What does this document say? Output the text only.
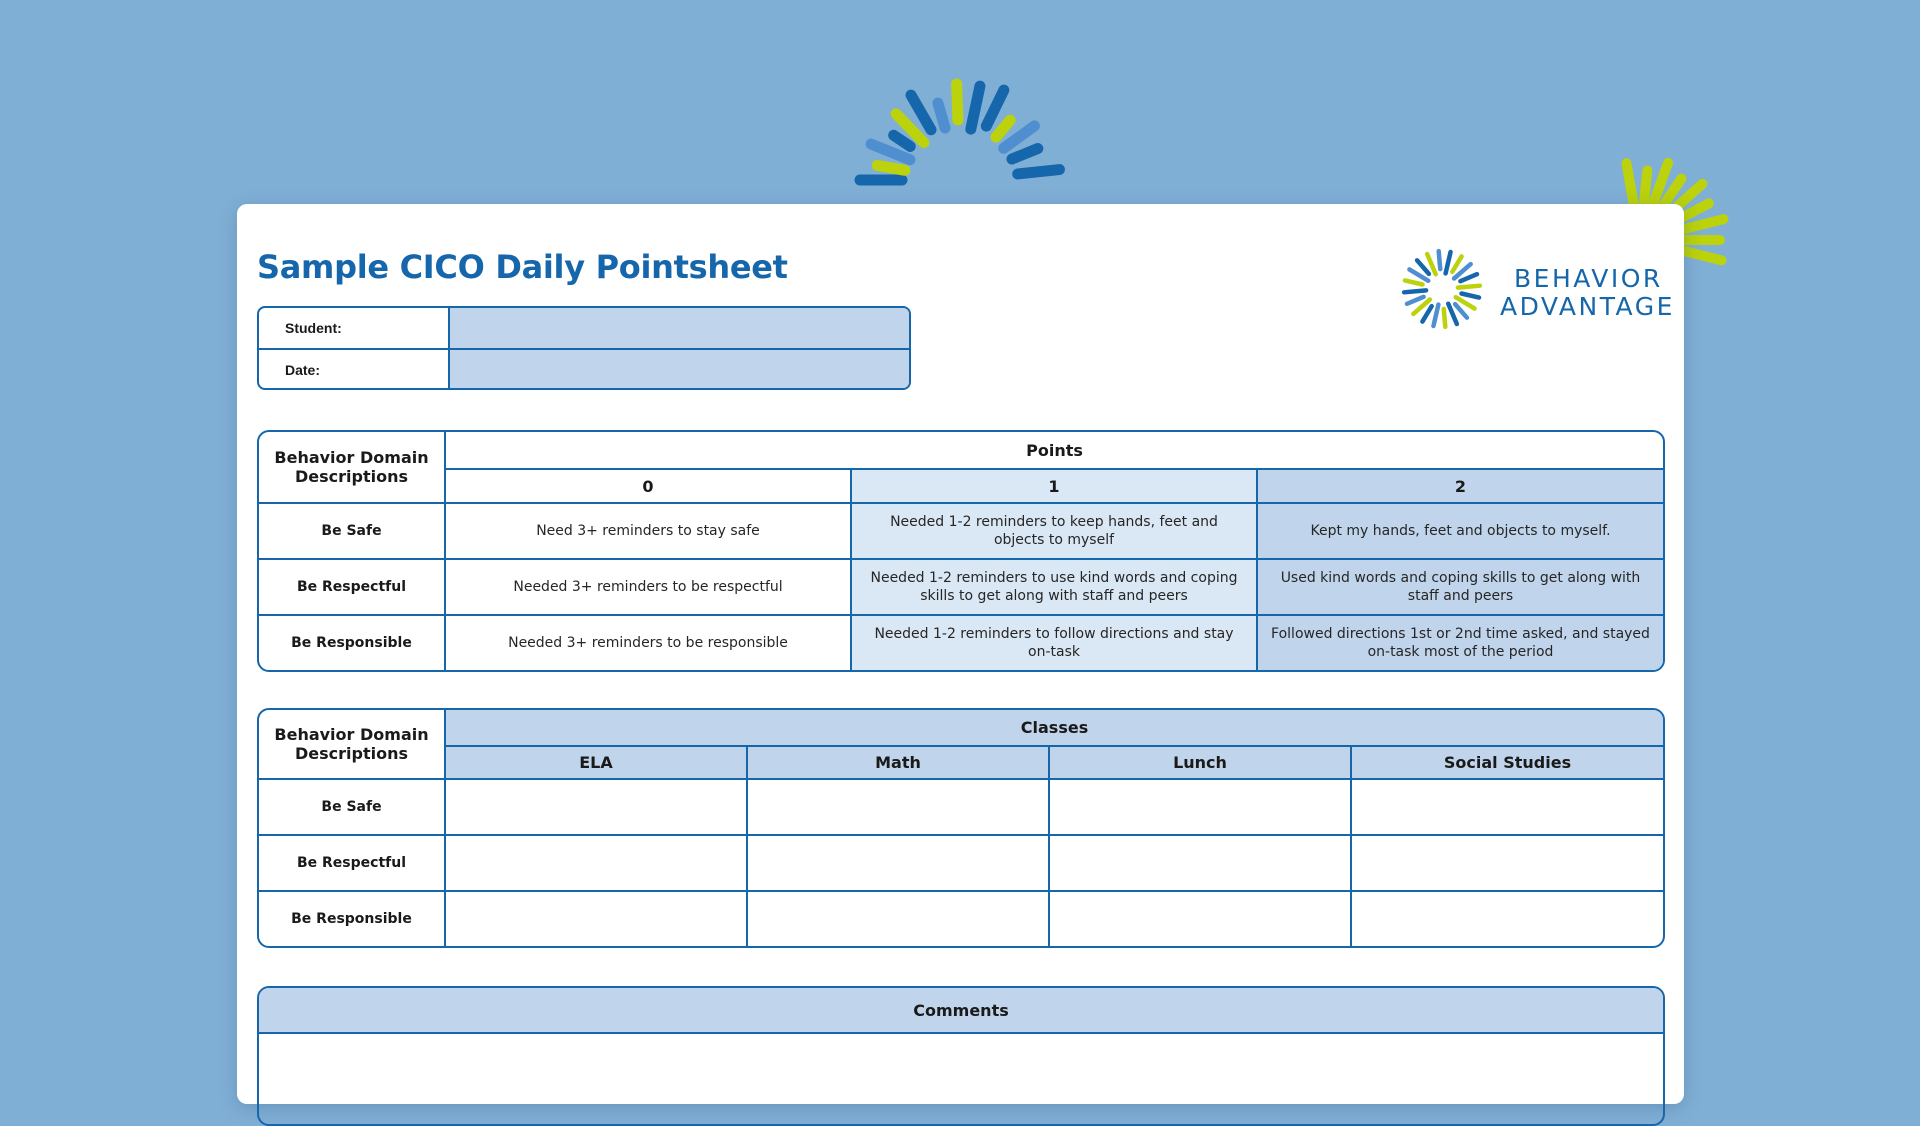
Sample CICO Daily Pointsheet	BEHAVIOR
ADVANTAGE
Student:
Date:
Behavior Domain Descriptions	Points		
	0	1	2
Be Safe	Need 3+ reminders to stay safe	Needed 1-2 reminders to keep hands, feet and objects to myself	Kept my hands, feet and objects to myself.
Be Respectful	Needed 3+ reminders to be respectful	Needed 1-2 reminders to use kind words and coping skills to get along with staff and peers	Used kind words and coping skills to get along with staff and peers
Be Responsible	Needed 3+ reminders to be responsible	Needed 1-2 reminders to follow directions and stay on-task	Followed directions 1st or 2nd time asked, and stayed on-task most of the period
Behavior Domain Descriptions	Classes			
	ELA	Math	Lunch	Social Studies
Be Safe				
Be Respectful				
Be Responsible				
Comments
